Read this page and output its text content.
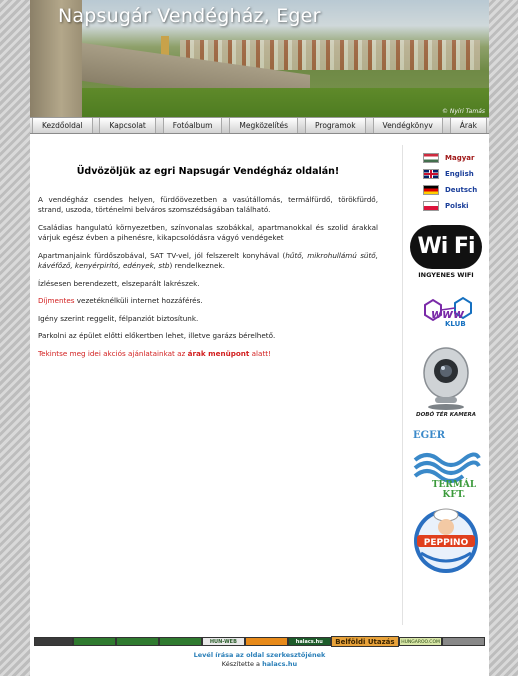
Napsugár Vendégház, Eger
© Nyíri Tamás
Kezdőoldal	Kapcsolat	Fotóalbum	Megközelítés	Programok	Vendégkönyv	Árak
Üdvözöljük az egri Napsugár Vendégház oldalán!

A vendégház csendes helyen, fürdőövezetben a vasútállomás, termálfürdő, törökfürdő, strand, uszoda, történelmi belváros szomszédságában található.

Családias hangulatú környezetben, színvonalas szobákkal, apartmanokkal és szolid árakkal várjuk egész évben a pihenésre, kikapcsolódásra vágyó vendégeket

Apartmanjaink fürdőszobával, SAT TV-vel, jól felszerelt konyhával (hűtő, mikrohullámú sütő, kávéfőző, kenyérpirító, edények, stb) rendelkeznek.

Ízlésesen berendezett, elszeparált lakrészek.

Díjmentes vezetéknélküli internet hozzáférés.

Igény szerint reggelit, félpanziót biztosítunk.

Parkolni az épület előtti előkertben lehet, illetve garázs bérelhető.

Tekintse meg idei akciós ajánlatainkat az árak menüpont alatt!

Magyar
English
Deutsch
Polski
Wi Fi
INGYENES WIFI
www
KLUB
DOBÓ TÉR KAMERA
EGER
TERMÁL KFT.
PEPPINO
HUN-WEB	halacs.hu	Belföldi Utazás	HUNGAROO.COM
Levél írása az oldal szerkesztőjének
Készítette a halacs.hu
